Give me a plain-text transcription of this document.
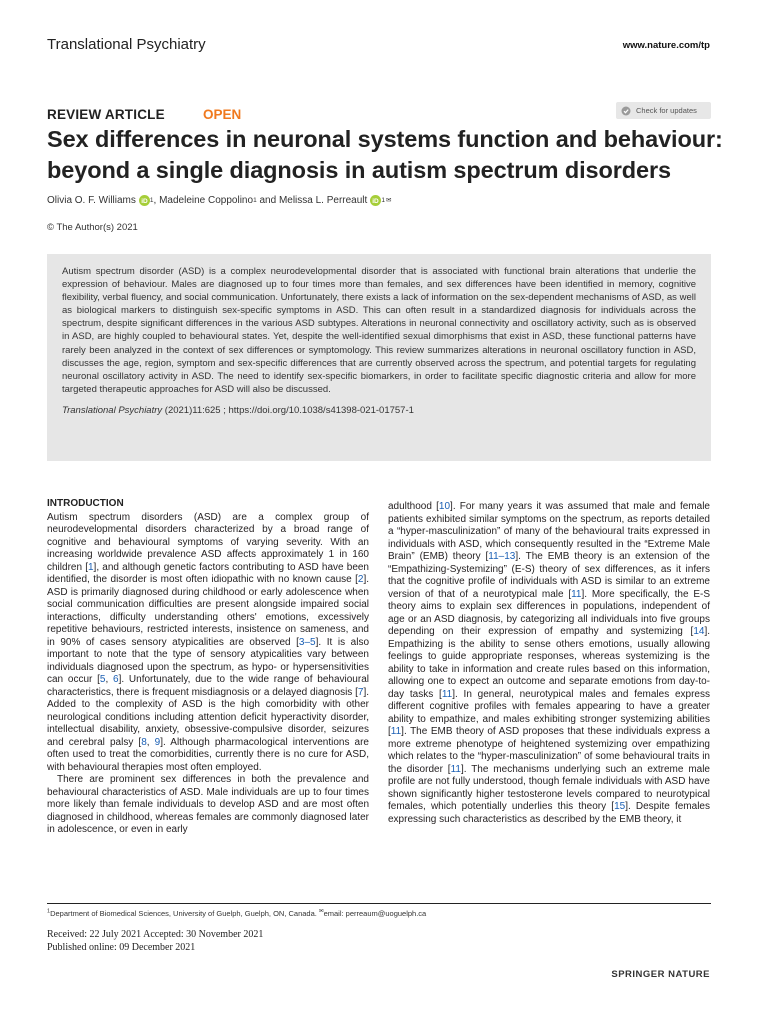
Translational Psychiatry	www.nature.com/tp
REVIEW ARTICLE	OPEN	Check for updates
Sex differences in neuronal systems function and behaviour: beyond a single diagnosis in autism spectrum disorders
Olivia O. F. Williams iD 1 , Madeleine Coppolino 1 and Melissa L. Perreault iD 1 ✉
© The Author(s) 2021

Autism spectrum disorder (ASD) is a complex neurodevelopmental disorder that is associated with functional brain alterations that underlie the expression of behaviour. Males are diagnosed up to four times more than females, and sex differences have been identified in memory, cognitive flexibility, verbal fluency, and social communication. Unfortunately, there exists a lack of information on the sex-dependent mechanisms of ASD, as well as biological markers to distinguish sex-specific symptoms in ASD. This can often result in a standardized diagnosis for individuals across the spectrum, despite significant differences in the various ASD subtypes. Alterations in neuronal connectivity and oscillatory activity, such as is observed in ASD, are highly coupled to behavioural states. Yet, despite the well-identified sexual dimorphisms that exist in ASD, these functional patterns have rarely been analyzed in the context of sex differences or symptomology. This review summarizes alterations in neuronal oscillatory function in ASD, discusses the age, region, symptom and sex-specific differences that are currently observed across the spectrum, and potential targets for regulating neuronal oscillatory activity in ASD. The need to identify sex-specific biomarkers, in order to facilitate specific diagnostic criteria and allow for more targeted therapeutic approaches for ASD will also be discussed.

Translational Psychiatry (2021)11:625 ; https://doi.org/10.1038/s41398-021-01757-1

INTRODUCTION

Autism spectrum disorders (ASD) are a complex group of neurodevelopmental disorders characterized by a broad range of cognitive and behavioural symptoms of varying severity. With an increasing worldwide prevalence ASD affects approximately 1 in 160 children [1], and although genetic factors contributing to ASD have been identified, the disorder is most often idiopathic with no known cause [2]. ASD is primarily diagnosed during childhood or early adolescence when social communication difficulties are present alongside impaired social interactions, difficulty understanding others' emotions, excessively repetitive behaviours, restricted interests, insistence on sameness, and in 90% of cases sensory atypicalities are observed [3–5]. It is also important to note that the type of sensory atypicalities vary between individuals diagnosed upon the spectrum, as hypo- or hypersensitivities can occur [5, 6]. Unfortunately, due to the wide range of behavioural characteristics, there is frequent misdiagnosis or a delayed diagnosis [7]. Added to the complexity of ASD is the high comorbidity with other neurological conditions including attention deficit hyperactivity disorder, intellectual disability, anxiety, obsessive-compulsive disorder, seizures and cerebral palsy [8, 9]. Although pharmacological interventions are often used to treat the comorbidities, currently there is no cure for ASD, with behavioural therapies most often employed.

There are prominent sex differences in both the prevalence and behavioural characteristics of ASD. Male individuals are up to four times more likely than female individuals to develop ASD and are most often diagnosed in childhood, whereas females are commonly diagnosed later in adolescence, or even in early

adulthood [10]. For many years it was assumed that male and female patients exhibited similar symptoms on the spectrum, as reports detailed a “hyper-masculinization” of many of the behavioural traits expressed in individuals with ASD, which consequently resulted in the “Extreme Male Brain” (EMB) theory [11–13]. The EMB theory is an extension of the “Empathizing-Systemizing” (E-S) theory of sex differences, as it infers that the cognitive profile of individuals with ASD is similar to an extreme version of that of a neurotypical male [11]. More specifically, the E-S theory aims to explain sex differences in populations, independent of age or an ASD diagnosis, by categorizing all individuals into five groups depending on their expression of empathy and systemizing [14]. Empathizing is the ability to sense others emotions, usually allowing feelings to guide appropriate responses, whereas systemizing is the ability to take in information and create rules based on this information, allowing one to expect an outcome and separate emotions from day-to-day tasks [11]. In general, neurotypical males and females express different cognitive profiles with females appearing to have a greater ability to empathize, and males exhibiting stronger systemizing abilities [11]. The EMB theory of ASD proposes that these individuals express a more extreme phenotype of heightened systemizing over empathizing which relates to the “hyper-masculinization” of some behavioural traits in the disorder [11]. The mechanisms underlying such an extreme male profile are not fully understood, though female individuals with ASD have shown significantly higher testosterone levels compared to neurotypical females, which potentially underlies this theory [15]. Despite females expressing such characteristics as described by the EMB theory, it

$^1$Department of Biomedical Sciences, University of Guelph, Guelph, ON, Canada. ✉email: perreaum@uoguelph.ca
Received: 22 July 2021 Accepted: 30 November 2021
Published online: 09 December 2021
SPRINGER NATURE
